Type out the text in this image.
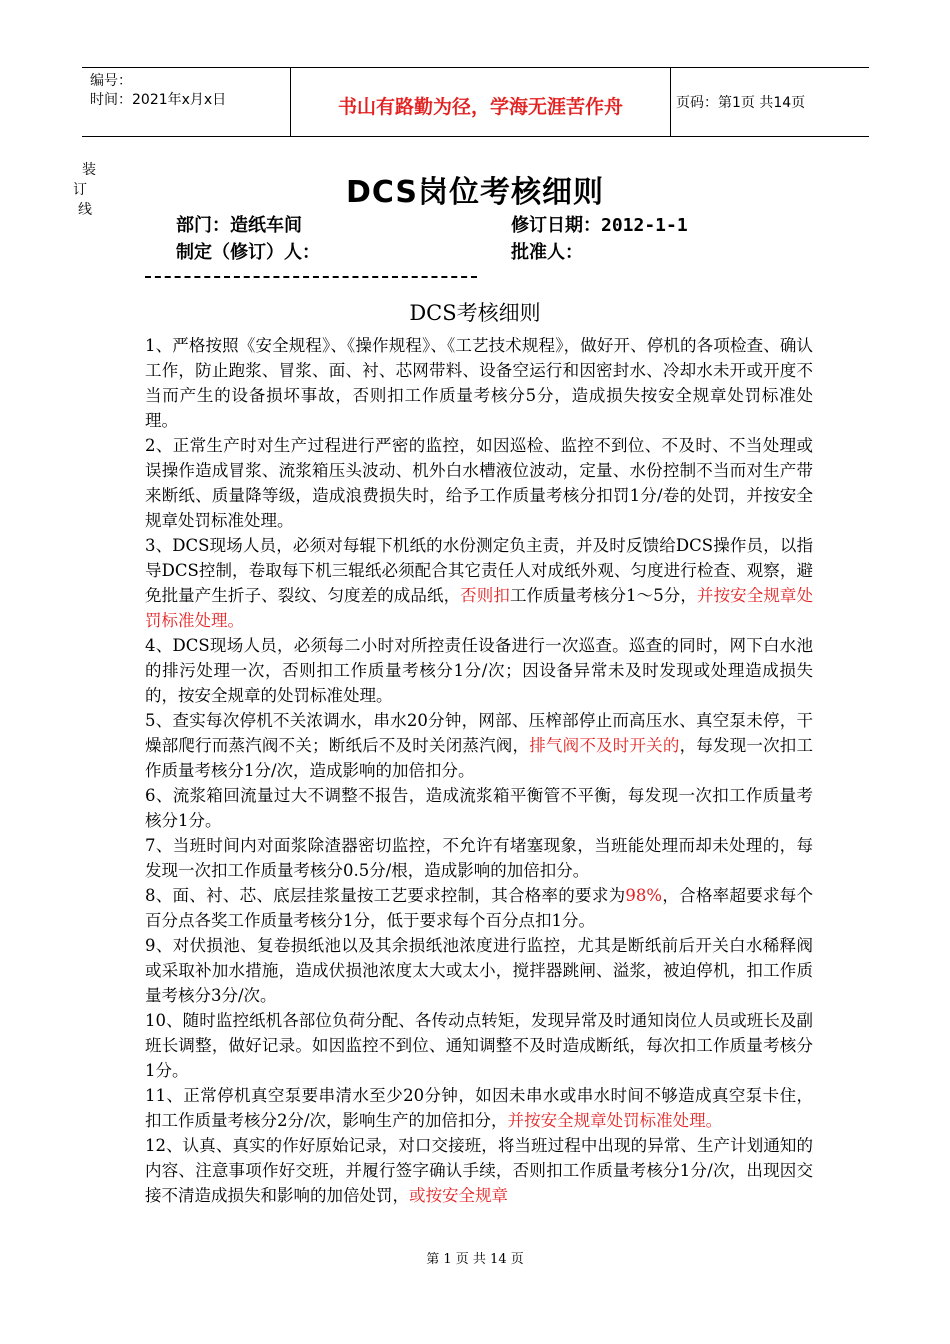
编号：
时间：2021年x月x日	书山有路勤为径，学海无涯苦作舟	页码：第1页 共14页
装
订
线	DCS岗位考核细则
部门：造纸车间	修订日期：2012-1-1
制定（修订）人：	批准人：
DCS考核细则

1、严格按照《安全规程》、《操作规程》、《工艺技术规程》，做好开、停机的各项检查、确认工作，防止跑浆、冒浆、面、衬、芯网带料、设备空运行和因密封水、冷却水未开或开度不当而产生的设备损坏事故，否则扣工作质量考核分5分，造成损失按安全规章处罚标准处理。

2、正常生产时对生产过程进行严密的监控，如因巡检、监控不到位、不及时、不当处理或误操作造成冒浆、流浆箱压头波动、机外白水槽液位波动，定量、水份控制不当而对生产带来断纸、质量降等级，造成浪费损失时，给予工作质量考核分扣罚1分/卷的处罚，并按安全规章处罚标准处理。

3、DCS现场人员，必须对每辊下机纸的水份测定负主责，并及时反馈给DCS操作员，以指导DCS控制，卷取每下机三辊纸必须配合其它责任人对成纸外观、匀度进行检查、观察，避免批量产生折子、裂纹、匀度差的成品纸，否则扣工作质量考核分1～5分，并按安全规章处罚标准处理。

4、DCS现场人员，必须每二小时对所控责任设备进行一次巡查。巡查的同时，网下白水池的排污处理一次，否则扣工作质量考核分1分/次；因设备异常未及时发现或处理造成损失的，按安全规章的处罚标准处理。

5、查实每次停机不关浓调水，串水20分钟，网部、压榨部停止而高压水、真空泵未停，干燥部爬行而蒸汽阀不关；断纸后不及时关闭蒸汽阀，排气阀不及时开关的，每发现一次扣工作质量考核分1分/次，造成影响的加倍扣分。

6、流浆箱回流量过大不调整不报告，造成流浆箱平衡管不平衡，每发现一次扣工作质量考核分1分。

7、当班时间内对面浆除渣器密切监控，不允许有堵塞现象，当班能处理而却未处理的，每发现一次扣工作质量考核分0.5分/根，造成影响的加倍扣分。

8、面、衬、芯、底层挂浆量按工艺要求控制，其合格率的要求为98%，合格率超要求每个百分点各奖工作质量考核分1分，低于要求每个百分点扣1分。

9、对伏损池、复卷损纸池以及其余损纸池浓度进行监控，尤其是断纸前后开关白水稀释阀或采取补加水措施，造成伏损池浓度太大或太小，搅拌器跳闸、溢浆，被迫停机，扣工作质量考核分3分/次。

10、随时监控纸机各部位负荷分配、各传动点转矩，发现异常及时通知岗位人员或班长及副班长调整，做好记录。如因监控不到位、通知调整不及时造成断纸，每次扣工作质量考核分1分。

11、正常停机真空泵要串清水至少20分钟，如因未串水或串水时间不够造成真空泵卡住，扣工作质量考核分2分/次，影响生产的加倍扣分，并按安全规章处罚标准处理。

12、认真、真实的作好原始记录，对口交接班，将当班过程中出现的异常、生产计划通知的内容、注意事项作好交班，并履行签字确认手续，否则扣工作质量考核分1分/次，出现因交接不清造成损失和影响的加倍处罚，或按安全规章

第 1 页 共 14 页
